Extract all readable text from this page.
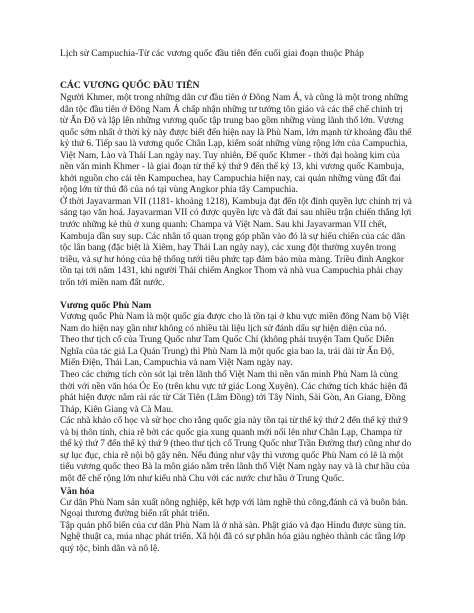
Lịch sử Campuchia-Từ các vương quốc đầu tiên đến cuối giai đoạn thuộc Pháp
CÁC VƯƠNG QUỐC ĐẦU TIÊN

Người Khmer, một trong những dân cư đầu tiên ở Đông Nam Á, và cũng là một trong những dân tộc đầu tiên ở Đông Nam Á chấp nhận những tư tưởng tôn giáo và các thể chế chính trị từ Ấn Độ và lập lên những vương quốc tập trung bao gồm những vùng lãnh thổ lớn. Vương quốc sớm nhất ở thời kỳ này được biết đến hiện nay là Phù Nam, lớn mạnh từ khoảng đầu thế kỷ thứ 6. Tiếp sau là vương quốc Chân Lạp, kiểm soát những vùng rộng lớn của Campuchia, Việt Nam, Lào và Thái Lan ngày nay. Tuy nhiên, Đế quốc Khmer - thời đại hoàng kim của nền văn minh Khmer - là giai đoạn từ thế kỷ thứ 9 đến thế kỷ 13, khi vương quốc Kambuja, khởi nguồn cho cái tên Kampuchea, hay Campuchia hiện nay, cai quản những vùng đất đai rộng lớn từ thủ đô của nó tại vùng Angkor phía tây Campuchia.

Ở thời Jayavarman VII (1181- khoảng 1218), Kambuja đạt đến tột đỉnh quyền lực chính trị và sáng tạo văn hoá. Jayavarman VII có được quyền lực và đất đai sau nhiều trận chiến thắng lợi trước những kẻ thù ở xung quanh: Champa và Việt Nam. Sau khi Jayavarman VII chết, Kambuja dần suy sụp. Các nhân tố quan trọng góp phần vào đó là sự hiếu chiến của các dân tộc lân bang (đặc biệt là Xiêm, hay Thái Lan ngày nay), các xung đột thường xuyên trong triều, và sự hư hỏng của hệ thống tưới tiêu phức tạp đảm bảo mùa màng. Triều đình Angkor tồn tại tới năm 1431, khi người Thái chiếm Angkor Thom và nhà vua Campuchia phải chạy trốn tới miền nam đất nước.

Vương quốc Phù Nam

Vương quốc Phù Nam là một quốc gia được cho là tồn tại ở khu vực miền đông Nam bộ Việt Nam do hiện nay gần như không có nhiều tài liệu lịch sử đánh dấu sự hiện diện của nó.

Theo thư tịch cổ của Trung Quốc như Tam Quốc Chí (không phải truyện Tam Quốc Diễn Nghĩa của tác giả La Quán Trung) thì Phù Nam là một quốc gia bao la, trải dài từ Ấn Độ, Miến Điện, Thái Lan, Campuchia và nam Việt Nam ngày nay.

Theo các chứng tích còn sót lại trên lãnh thổ Việt Nam thì nền văn minh Phù Nam là cùng thời với nền văn hóa Óc Eo (trên khu vực tứ giác Long Xuyên). Các chứng tích khác hiện đã phát hiện được nằm rải rác từ Cát Tiên (Lâm Đồng) tới Tây Ninh, Sài Gòn, An Giang, Đồng Tháp, Kiên Giang và Cà Mau.

Các nhà khảo cổ học và sử học cho rằng quốc gia này tồn tại từ thế kỷ thứ 2 đến thế kỷ thứ 9 và bị thôn tính, chia rẽ bởi các quốc gia xung quanh mới nổi lên như Chân Lạp, Champa từ thế kỷ thứ 7 đến thế kỷ thứ 9 (theo thư tịch cổ Trung Quốc như Trần Đường thư) cũng như do sự lục đục, chia rẽ nội bộ gây nên. Nếu đúng như vậy thì vương quốc Phù Nam có lẽ là một tiểu vương quốc theo Bà la môn giáo nằm trên lãnh thổ Việt Nam ngày nay và là chư hầu của một đế chế rộng lớn như kiểu nhà Chu với các nước chư hầu ở Trung Quốc.

Văn hóa

Cư dân Phù Nam sản xuất nông nghiệp, kết hợp với làm nghề thủ công,đánh cá và buôn bán. Ngoại thương đường biển rất phát triển.

Tập quán phổ biến của cư dân Phù Nam là ở nhà sàn. Phật giáo và đạo Hindu được sùng tín. Nghệ thuật ca, múa nhạc phát triển. Xã hội đã có sự phân hóa giàu nghèo thành các tầng lớp quý tộc, bình dân và nô lệ.
